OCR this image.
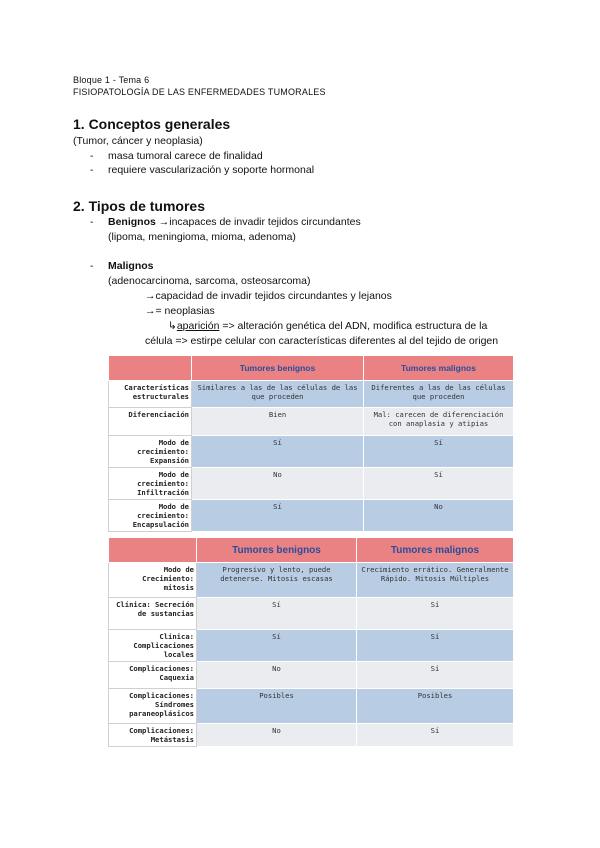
Bloque 1 - Tema 6
FISIOPATOLOGÍA DE LAS ENFERMEDADES TUMORALES
1. Conceptos generales
(Tumor, cáncer y neoplasia)
- masa tumoral carece de finalidad
- requiere vascularización y soporte hormonal
2. Tipos de tumores
- Benignos →incapaces de invadir tejidos circundantes
(lipoma, meningioma, mioma, adenoma)
- Malignos
(adenocarcinoma, sarcoma, osteosarcoma)
→capacidad de invadir tejidos circundantes y lejanos
→= neoplasias
↳aparición => alteración genética del ADN, modifica estructura de la
célula => estirpe celular con características diferentes al del tejido de origen
	Tumores benignos	Tumores malignos
Características estructurales	Similares a las de las células de las que proceden	Diferentes a las de las células que proceden
Diferenciación	Bien	Mal: carecen de diferenciación con anaplasia y atipias
Modo de crecimiento: Expansión	Sí	Sí
Modo de crecimiento: Infiltración	No	Sí
Modo de crecimiento: Encapsulación	Sí	No
	Tumores benignos	Tumores malignos
Modo de Crecimiento: mitosis	Progresivo y lento, puede detenerse. Mitosis escasas	Crecimiento errático. Generalmente Rápido. Mitosis Múltiples
Clínica: Secreción de sustancias	Sí	Sí
Clínica: Complicaciones locales	Sí	Sí
Complicaciones: Caquexia	No	Sí
Complicaciones: Síndromes paraneoplásicos	Posibles	Posibles
Complicaciones: Metástasis	No	Sí
